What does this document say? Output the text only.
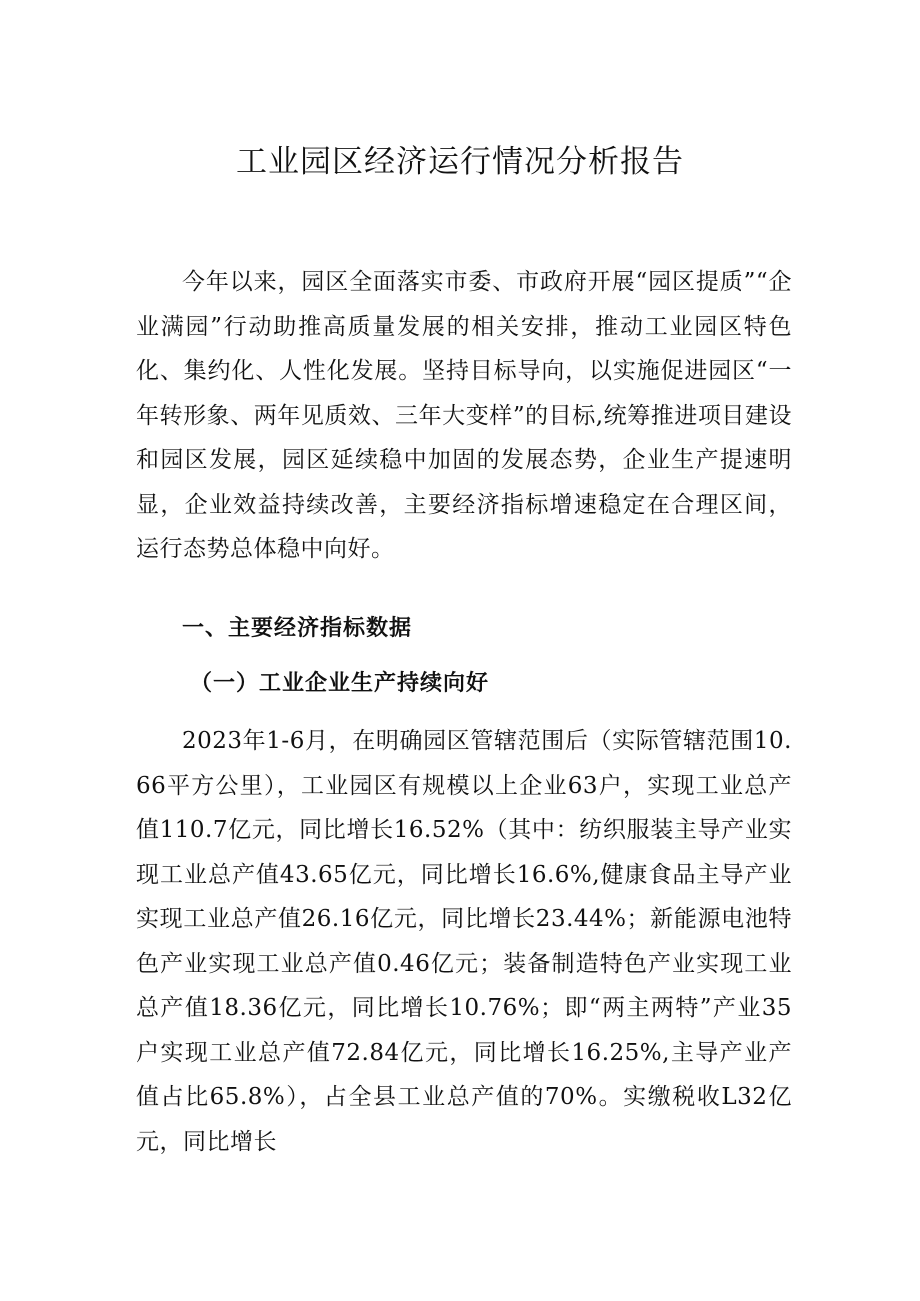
工业园区经济运行情况分析报告
今年以来，园区全面落实市委、市政府开展“园区提质”“企业满园”行动助推高质量发展的相关安排，推动工业园区特色化、集约化、人性化发展。坚持目标导向，以实施促进园区“一年转形象、两年见质效、三年大变样”的目标,统筹推进项目建设和园区发展，园区延续稳中加固的发展态势，企业生产提速明显，企业效益持续改善，主要经济指标增速稳定在合理区间，运行态势总体稳中向好。
一、主要经济指标数据
（一）工业企业生产持续向好
2023年1-6月，在明确园区管辖范围后（实际管辖范围10.66平方公里），工业园区有规模以上企业63户，实现工业总产值110.7亿元，同比增长16.52%（其中：纺织服装主导产业实现工业总产值43.65亿元，同比增长16.6%,健康食品主导产业实现工业总产值26.16亿元，同比增长23.44%；新能源电池特色产业实现工业总产值0.46亿元；装备制造特色产业实现工业总产值18.36亿元，同比增长10.76%；即“两主两特”产业35户实现工业总产值72.84亿元，同比增长16.25%,主导产业产值占比65.8%），占全县工业总产值的70%。实缴税收L32亿元，同比增长
